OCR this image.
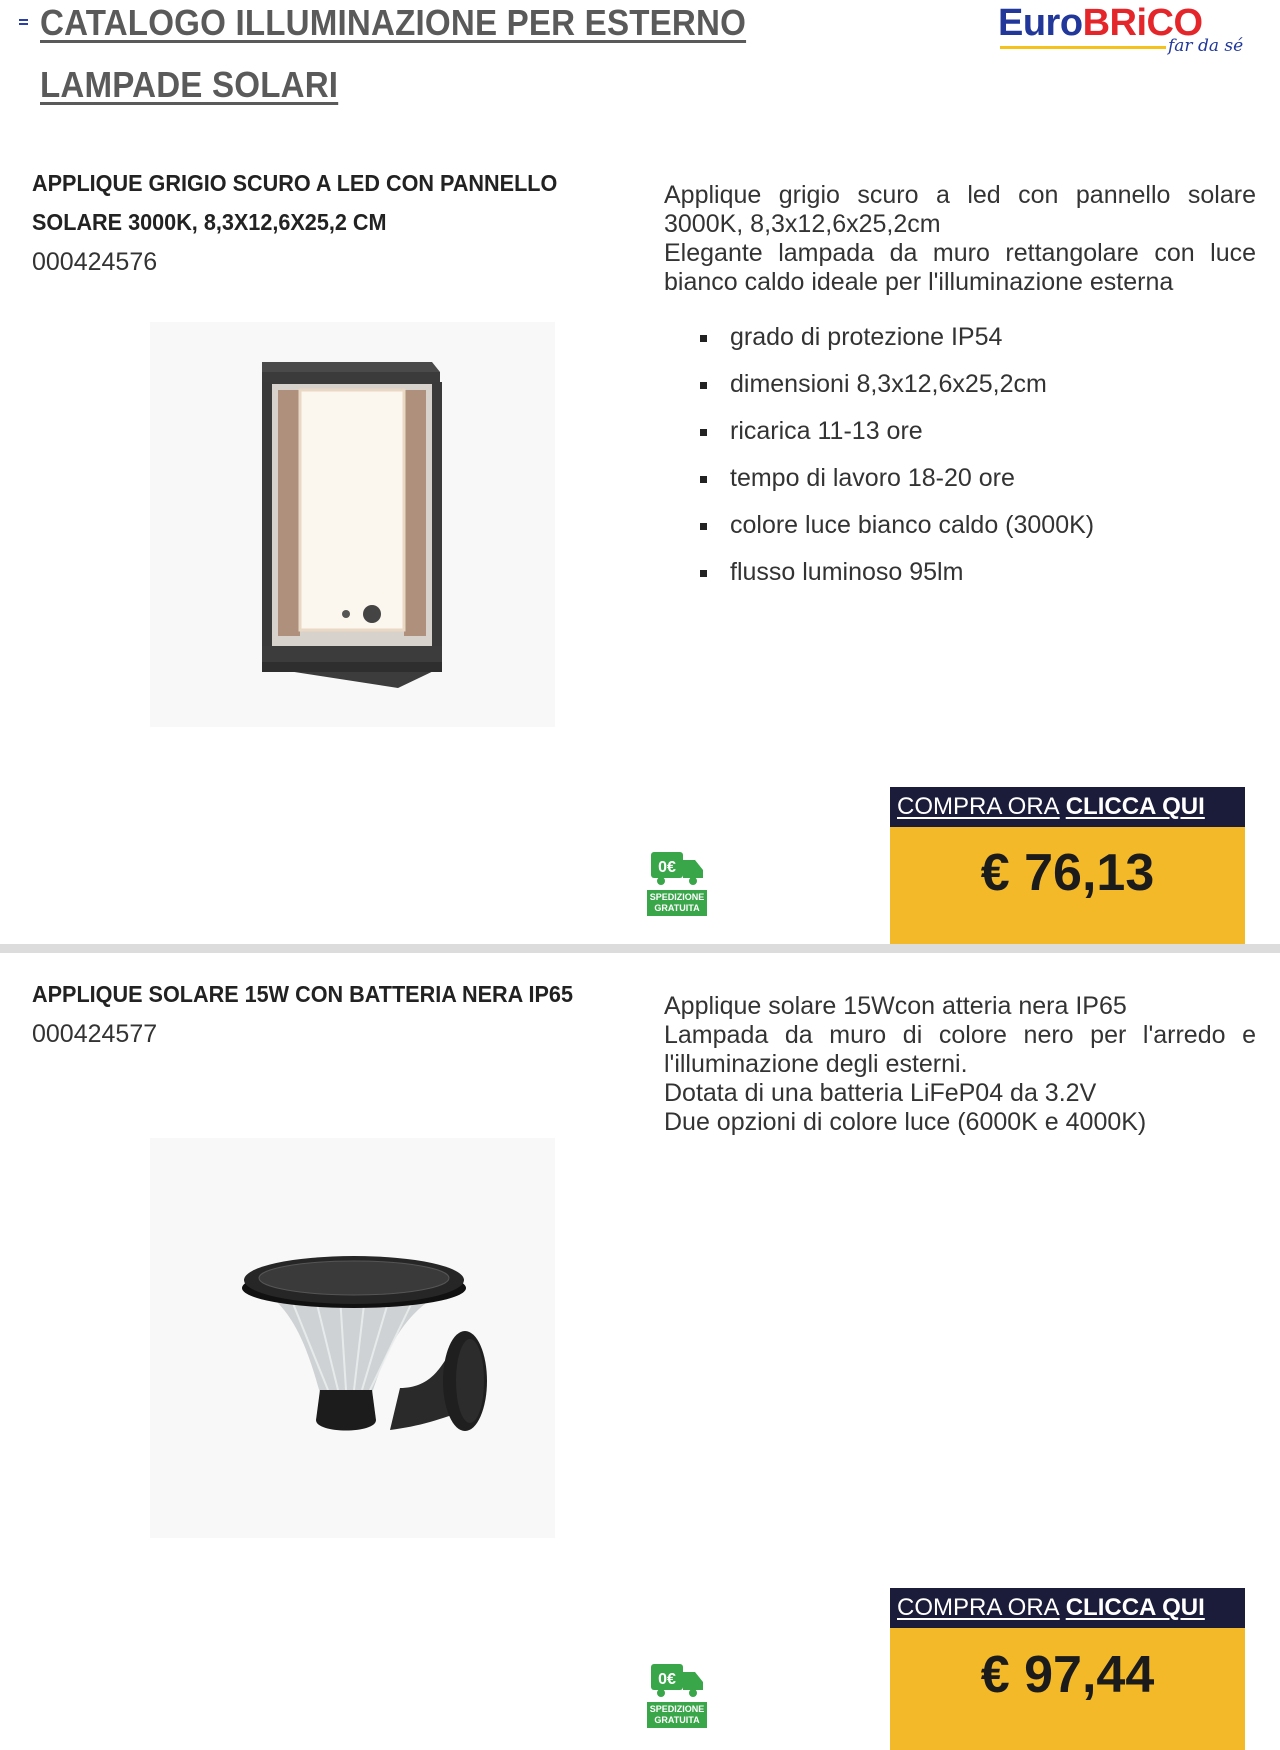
CATALOGO ILLUMINAZIONE PER ESTERNO
LAMPADE SOLARI
EuroBRiCO
far da sé
APPLIQUE GRIGIO SCURO A LED CON PANNELLO
SOLARE 3000K, 8,3X12,6X25,2 CM
000424576

Applique grigio scuro a led con pannello solare 3000K, 8,3x12,6x25,2cm

Elegante lampada da muro rettangolare con luce bianco caldo ideale per l'illuminazione esterna

grado di protezione IP54
dimensioni 8,3x12,6x25,2cm
ricarica 11-13 ore
tempo di lavoro 18-20 ore
colore luce bianco caldo (3000K)
flusso luminoso 95lm
0€
SPEDIZIONE
GRATUITA
COMPRA ORA CLICCA QUI
€ 76,13
APPLIQUE SOLARE 15W CON BATTERIA NERA IP65
000424577

Applique solare 15Wcon atteria nera IP65

Lampada da muro di colore nero per l'arredo e l'illuminazione degli esterni.

Dotata di una batteria LiFeP04 da 3.2V

Due opzioni di colore luce (6000K e 4000K)

0€
SPEDIZIONE
GRATUITA
COMPRA ORA CLICCA QUI
€ 97,44
